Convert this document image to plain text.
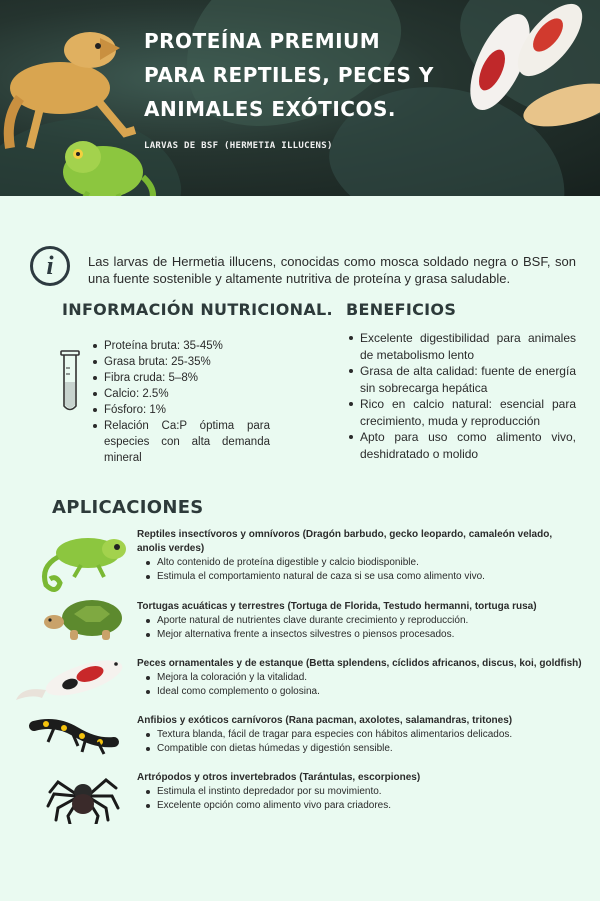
PROTEÍNA PREMIUM PARA REPTILES, PECES Y ANIMALES EXÓTICOS.
LARVAS DE BSF (HERMETIA ILLUCENS)
i	Las larvas de Hermetia illucens, conocidas como mosca soldado negra o BSF, son una fuente sostenible y altamente nutritiva de proteína y grasa saludable.

INFORMACIÓN NUTRICIONAL.
Proteína bruta: 35-45%
Grasa bruta: 25-35%
Fibra cruda: 5–8%
Calcio: 2.5%
Fósforo: 1%
Relación Ca:P óptima para especies con alta demanda mineral
BENEFICIOS
Excelente digestibilidad para animales de metabolismo lento
Grasa de alta calidad: fuente de energía sin sobrecarga hepática
Rico en calcio natural: esencial para crecimiento, muda y reproducción
Apto para uso como alimento vivo, deshidratado o molido
APLICACIONES
Reptiles insectívoros y omnívoros (Dragón barbudo, gecko leopardo, camaleón velado, anolis verdes)
Alto contenido de proteína digestible y calcio biodisponible.
Estimula el comportamiento natural de caza si se usa como alimento vivo.
Tortugas acuáticas y terrestres (Tortuga de Florida, Testudo hermanni, tortuga rusa)
Aporte natural de nutrientes clave durante crecimiento y reproducción.
Mejor alternativa frente a insectos silvestres o piensos procesados.
Peces ornamentales y de estanque (Betta splendens, cíclidos africanos, discus, koi, goldfish)
Mejora la coloración y la vitalidad.
Ideal como complemento o golosina.
Anfibios y exóticos carnívoros (Rana pacman, axolotes, salamandras, tritones)
Textura blanda, fácil de tragar para especies con hábitos alimentarios delicados.
Compatible con dietas húmedas y digestión sensible.
Artrópodos y otros invertebrados (Tarántulas, escorpiones)
Estimula el instinto depredador por su movimiento.
Excelente opción como alimento vivo para criadores.
